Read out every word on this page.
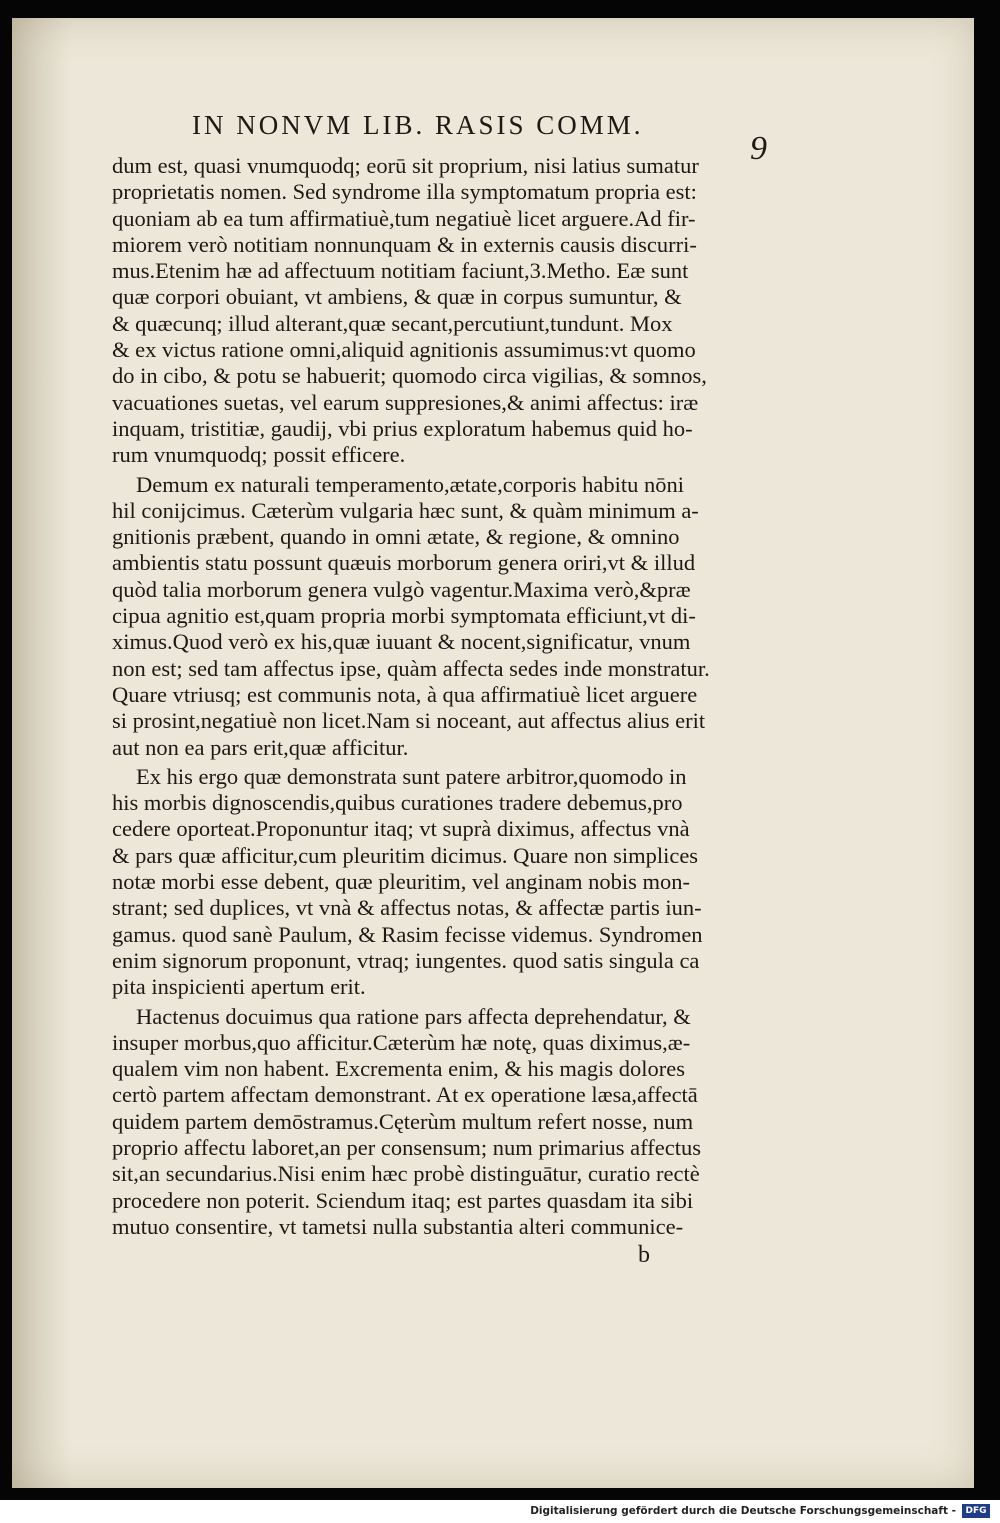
IN NONVM LIB. RASIS COMM.
9
dum est, quasi vnumquodq; eorū sit proprium, nisi latius sumatur
proprietatis nomen. Sed syndrome illa symptomatum propria est:
quoniam ab ea tum affirmatiuè,tum negatiuè licet arguere.Ad fir-
miorem verò notitiam nonnunquam & in externis causis discurri-
mus.Etenim hæ ad affectuum notitiam faciunt,3.Metho. Eæ sunt
quæ corpori obuiant, vt ambiens, & quæ in corpus sumuntur, &
& quæcunq; illud alterant,quæ secant,percutiunt,tundunt. Mox
& ex victus ratione omni,aliquid agnitionis assumimus:vt quomo
do in cibo, & potu se habuerit; quomodo circa vigilias, & somnos,
vacuationes suetas, vel earum suppresiones,& animi affectus: iræ
inquam, tristitiæ, gaudij, vbi prius exploratum habemus quid ho-
rum vnumquodq; possit efficere.
Demum ex naturali temperamento,ætate,corporis habitu nōni
hil conijcimus. Cæterùm vulgaria hæc sunt, & quàm minimum a-
gnitionis præbent, quando in omni ætate, & regione, & omnino
ambientis statu possunt quæuis morborum genera oriri,vt & illud
quòd talia morborum genera vulgò vagentur.Maxima verò,&præ
cipua agnitio est,quam propria morbi symptomata efficiunt,vt di-
ximus.Quod verò ex his,quæ iuuant & nocent,significatur, vnum
non est; sed tam affectus ipse, quàm affecta sedes inde monstratur.
Quare vtriusq; est communis nota, à qua affirmatiuè licet arguere
si prosint,negatiuè non licet.Nam si noceant, aut affectus alius erit
aut non ea pars erit,quæ afficitur.
Ex his ergo quæ demonstrata sunt patere arbitror,quomodo in
his morbis dignoscendis,quibus curationes tradere debemus,pro
cedere oporteat.Proponuntur itaq; vt suprà diximus, affectus vnà
& pars quæ afficitur,cum pleuritim dicimus. Quare non simplices
notæ morbi esse debent, quæ pleuritim, vel anginam nobis mon-
strant; sed duplices, vt vnà & affectus notas, & affectæ partis iun-
gamus. quod sanè Paulum, & Rasim fecisse videmus. Syndromen
enim signorum proponunt, vtraq; iungentes. quod satis singula ca
pita inspicienti apertum erit.
Hactenus docuimus qua ratione pars affecta deprehendatur, &
insuper morbus,quo afficitur.Cæterùm hæ notę, quas diximus,æ-
qualem vim non habent. Excrementa enim, & his magis dolores
certò partem affectam demonstrant. At ex operatione læsa,affectā
quidem partem demōstramus.Cęterùm multum refert nosse, num
proprio affectu laboret,an per consensum; num primarius affectus
sit,an secundarius.Nisi enim hæc probè distinguātur, curatio rectè
procedere non poterit. Sciendum itaq; est partes quasdam ita sibi
mutuo consentire, vt tametsi nulla substantia alteri communice-
b
Digitalisierung gefördert durch die Deutsche Forschungsgemeinschaft -	DFG
